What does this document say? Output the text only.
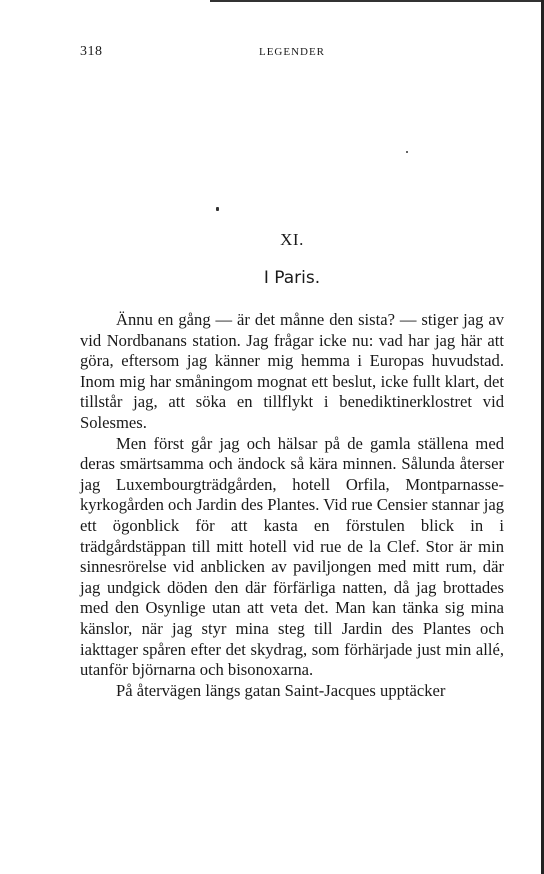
318	LEGENDER
XI.
I Paris.

Ännu en gång — är det månne den sista? — stiger jag av vid Nordbanans station. Jag frågar icke nu: vad har jag här att göra, eftersom jag känner mig hemma i Europas huvudstad. Inom mig har småningom mognat ett beslut, icke fullt klart, det tillstår jag, att söka en tillflykt i benediktinerklostret vid Solesmes.

Men först går jag och hälsar på de gamla ställena med deras smärtsamma och ändock så kära minnen. Sålunda återser jag Luxembourgträdgården, hotell Orfila, Montparnasse-kyrkogården och Jardin des Plantes. Vid rue Censier stannar jag ett ögonblick för att kasta en förstulen blick in i trädgårdstäppan till mitt hotell vid rue de la Clef. Stor är min sinnesrörelse vid anblicken av paviljongen med mitt rum, där jag undgick döden den där förfärliga natten, då jag brottades med den Osynlige utan att veta det. Man kan tänka sig mina känslor, när jag styr mina steg till Jardin des Plantes och iakttager spåren efter det skydrag, som förhärjade just min allé, utanför björnarna och bisonoxarna.

På återvägen längs gatan Saint-Jacques upptäcker
